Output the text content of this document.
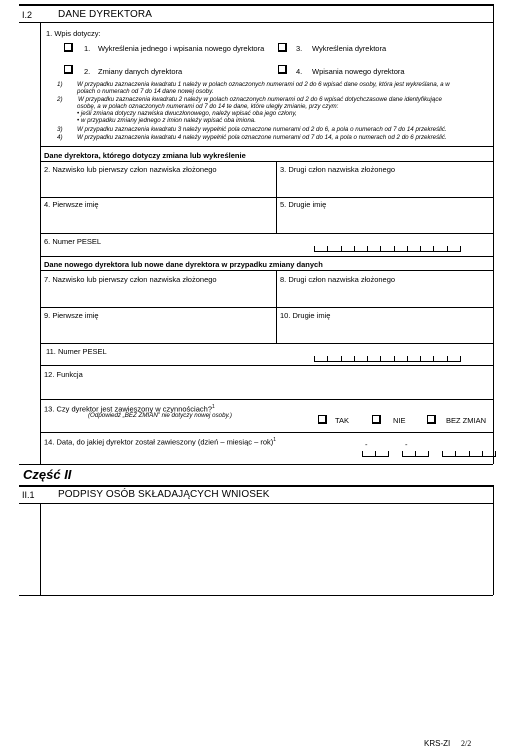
I.2	DANE DYREKTORA
1. Wpis dotyczy:
1. Wykreślenia jednego i wpisania nowego dyrektora	3. Wykreślenia dyrektora
2. Zmiany danych dyrektora	4. Wpisania nowego dyrektora
1) W przypadku zaznaczenia kwadratu 1 należy w polach oznaczonych numerami od 2 do 6 wpisać dane osoby, która jest wykreślana, a w
polach o numerach od 7 do 14 dane nowej osoby.
2) W przypadku zaznaczenia kwadratu 2 należy w polach oznaczonych numerami od 2 do 6 wpisać dotychczasowe dane identyfikujące
osobę, a w polach oznaczonych numerami od 7 do 14 te dane, które uległy zmianie, przy czym:
• jeśli zmiana dotyczy nazwiska dwuczłonowego, należy wpisać oba jego człony,
• w przypadku zmiany jednego z imion należy wpisać oba imiona.
3) W przypadku zaznaczenia kwadratu 3 należy wypełnić pola oznaczone numerami od 2 do 6, a pola o numerach od 7 do 14 przekreślić.
4) W przypadku zaznaczenia kwadratu 4 należy wypełnić pola oznaczone numerami od 7 do 14, a pola o numerach od 2 do 6 przekreślić.
Dane dyrektora, którego dotyczy zmiana lub wykreślenie
2. Nazwisko lub pierwszy człon nazwiska złożonego	3. Drugi człon nazwiska złożonego
4. Pierwsze imię	5. Drugie imię
6. Numer PESEL
Dane nowego dyrektora lub nowe dane dyrektora w przypadku zmiany danych
7. Nazwisko lub pierwszy człon nazwiska złożonego	8. Drugi człon nazwiska złożonego
9. Pierwsze imię	10. Drugie imię
11. Numer PESEL
12. Funkcja
13. Czy dyrektor jest zawieszony w czynnościach?$^1$
(Odpowiedź „BEZ ZMIAN” nie dotyczy nowej osoby.)
TAK	NIE	BEZ ZMIAN
14. Data, do jakiej dyrektor został zawieszony (dzień – miesiąc – rok)$^1$	-	-
Część II
II.1 PODPISY OSÓB SKŁADAJĄCYCH WNIOSEK
KRS-ZI 2/2
